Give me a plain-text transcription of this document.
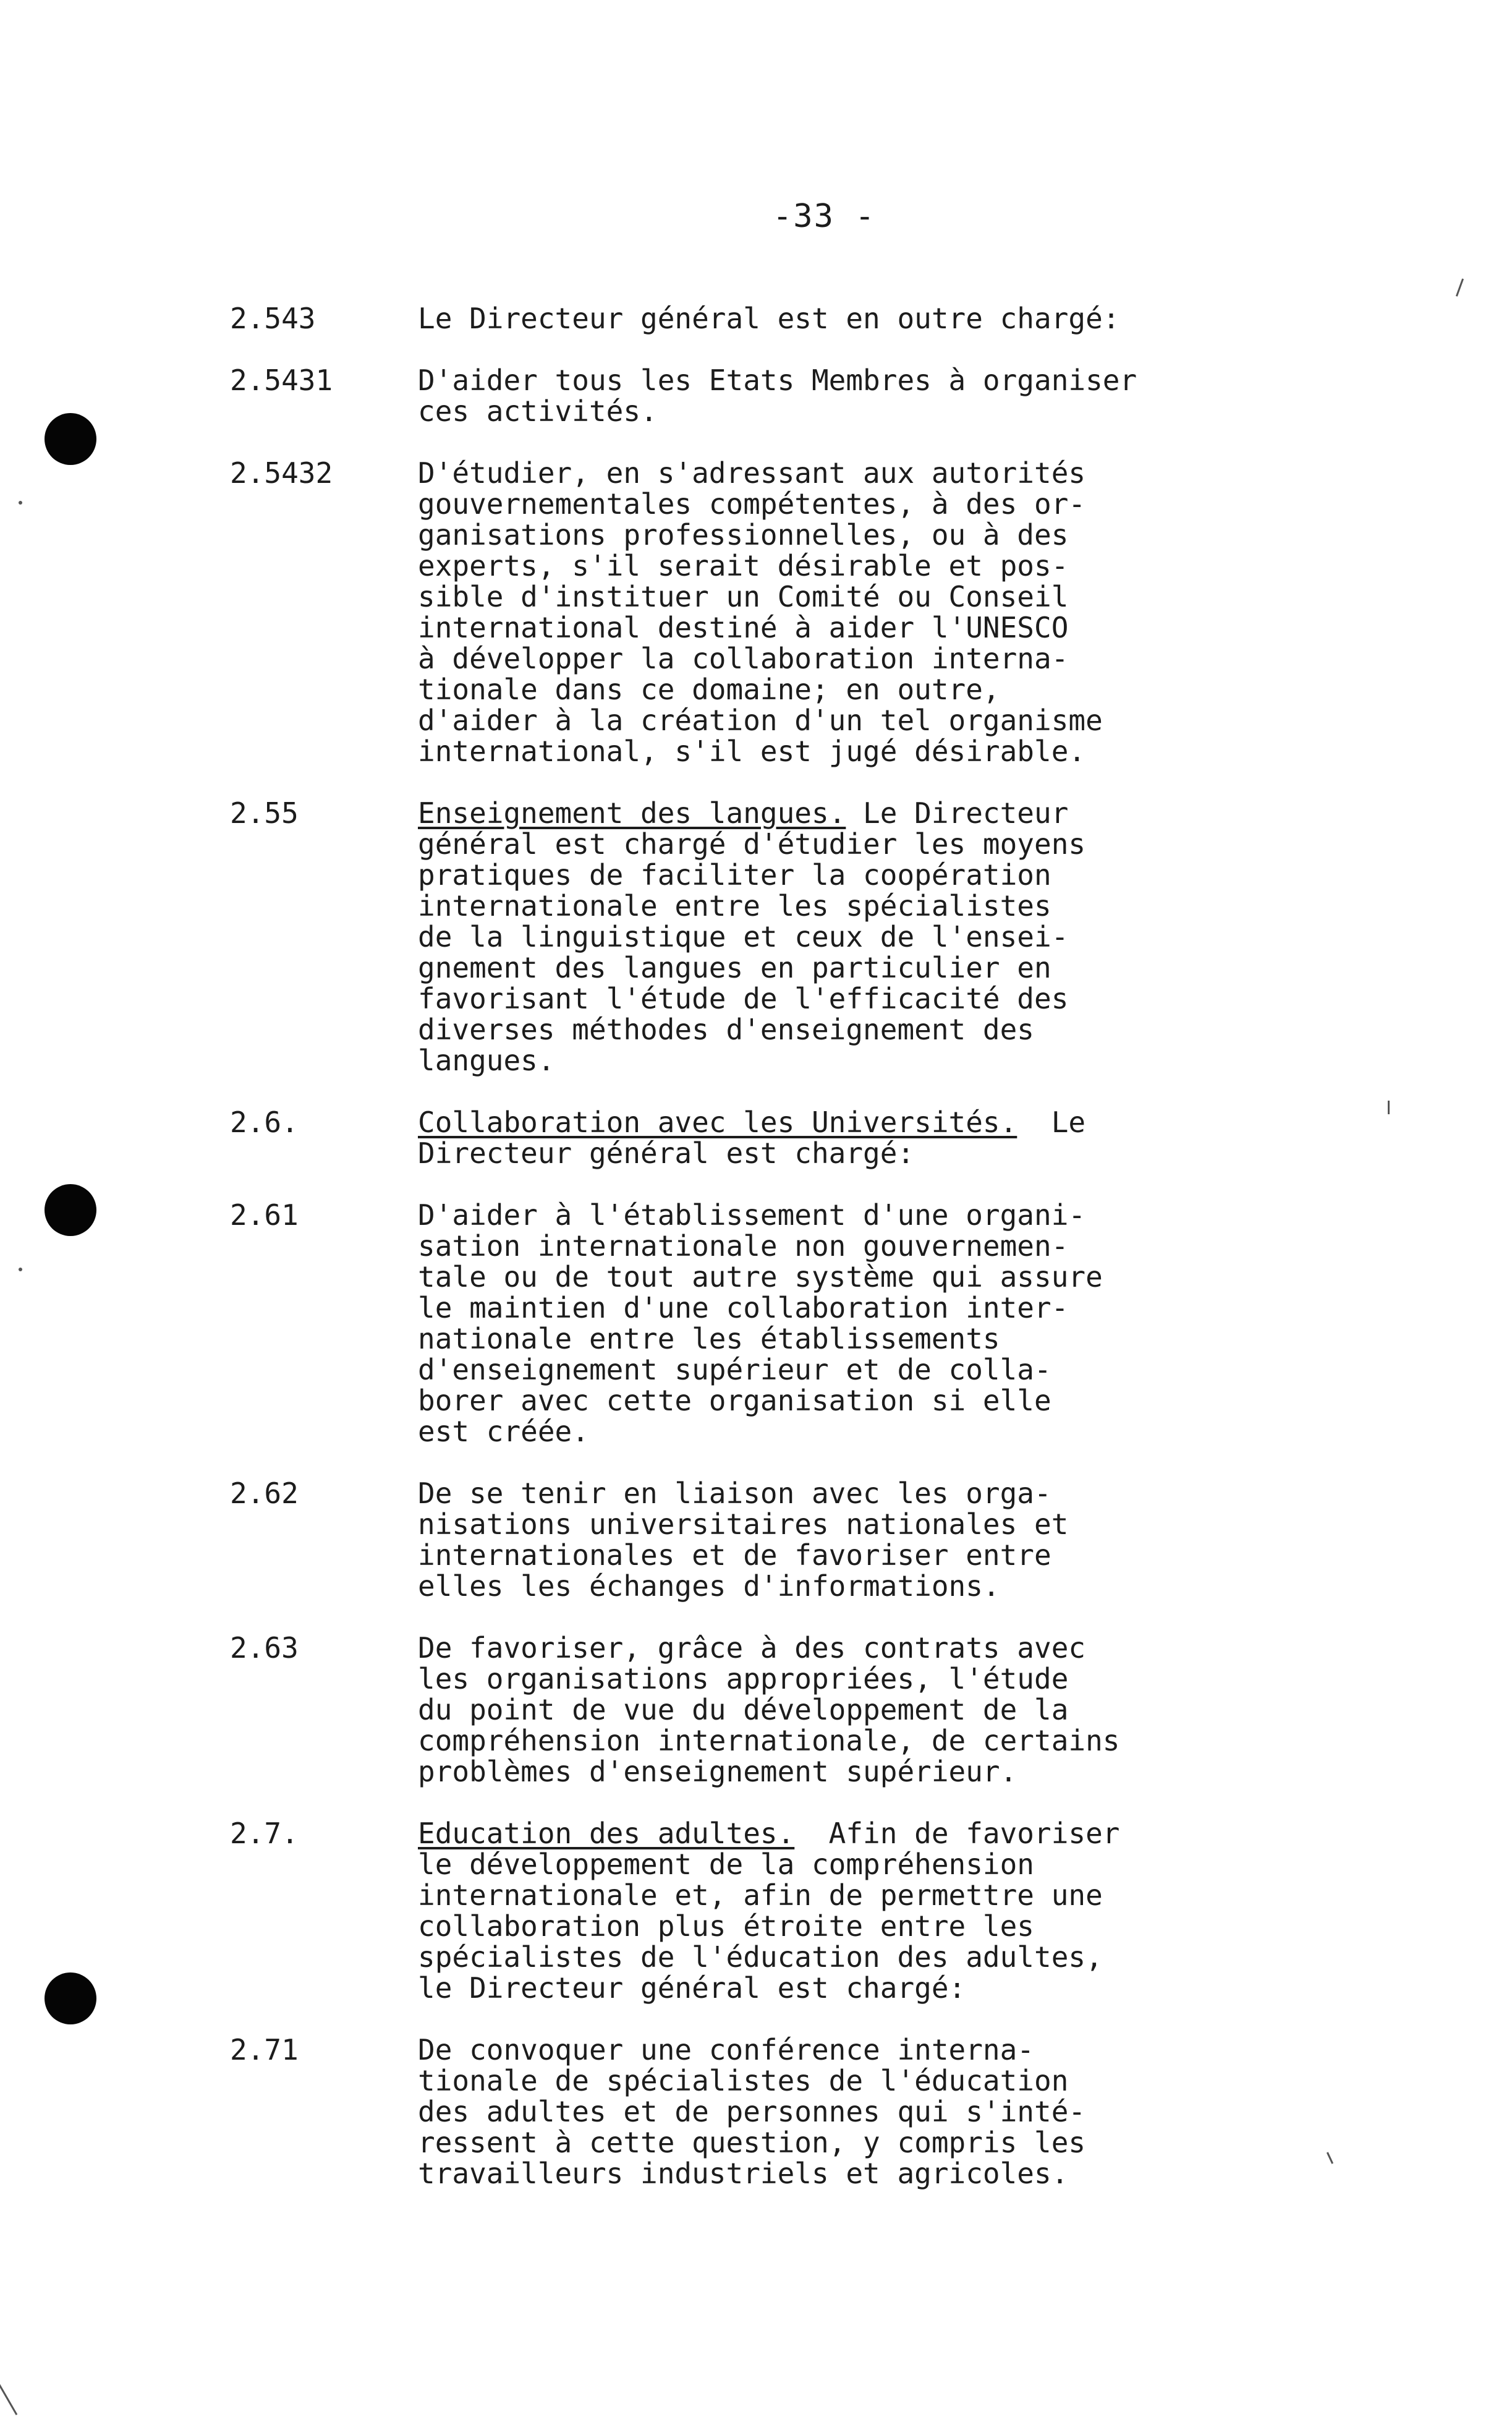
-33 -
2.543	Le Directeur général est en outre chargé:
2.5431	D'aider tous les Etats Membres à organiser
ces activités.
2.5432	D'étudier, en s'adressant aux autorités
gouvernementales compétentes, à des or-
ganisations professionnelles, ou à des
experts, s'il serait désirable et pos-
sible d'instituer un Comité ou Conseil
international destiné à aider l'UNESCO
à développer la collaboration interna-
tionale dans ce domaine; en outre,
d'aider à la création d'un tel organisme
international, s'il est jugé désirable.
2.55	Enseignement des langues. Le Directeur
général est chargé d'étudier les moyens
pratiques de faciliter la coopération
internationale entre les spécialistes
de la linguistique et ceux de l'ensei-
gnement des langues en particulier en
favorisant l'étude de l'efficacité des
diverses méthodes d'enseignement des
langues.
2.6.	Collaboration avec les Universités.  Le
Directeur général est chargé:
2.61	D'aider à l'établissement d'une organi-
sation internationale non gouvernemen-
tale ou de tout autre système qui assure
le maintien d'une collaboration inter-
nationale entre les établissements
d'enseignement supérieur et de colla-
borer avec cette organisation si elle
est créée.
2.62	De se tenir en liaison avec les orga-
nisations universitaires nationales et
internationales et de favoriser entre
elles les échanges d'informations.
2.63	De favoriser, grâce à des contrats avec
les organisations appropriées, l'étude
du point de vue du développement de la
compréhension internationale, de certains
problèmes d'enseignement supérieur.
2.7.	Education des adultes.  Afin de favoriser
le développement de la compréhension
internationale et, afin de permettre une
collaboration plus étroite entre les
spécialistes de l'éducation des adultes,
le Directeur général est chargé:
2.71	De convoquer une conférence interna-
tionale de spécialistes de l'éducation
des adultes et de personnes qui s'inté-
ressent à cette question, y compris les
travailleurs industriels et agricoles.
